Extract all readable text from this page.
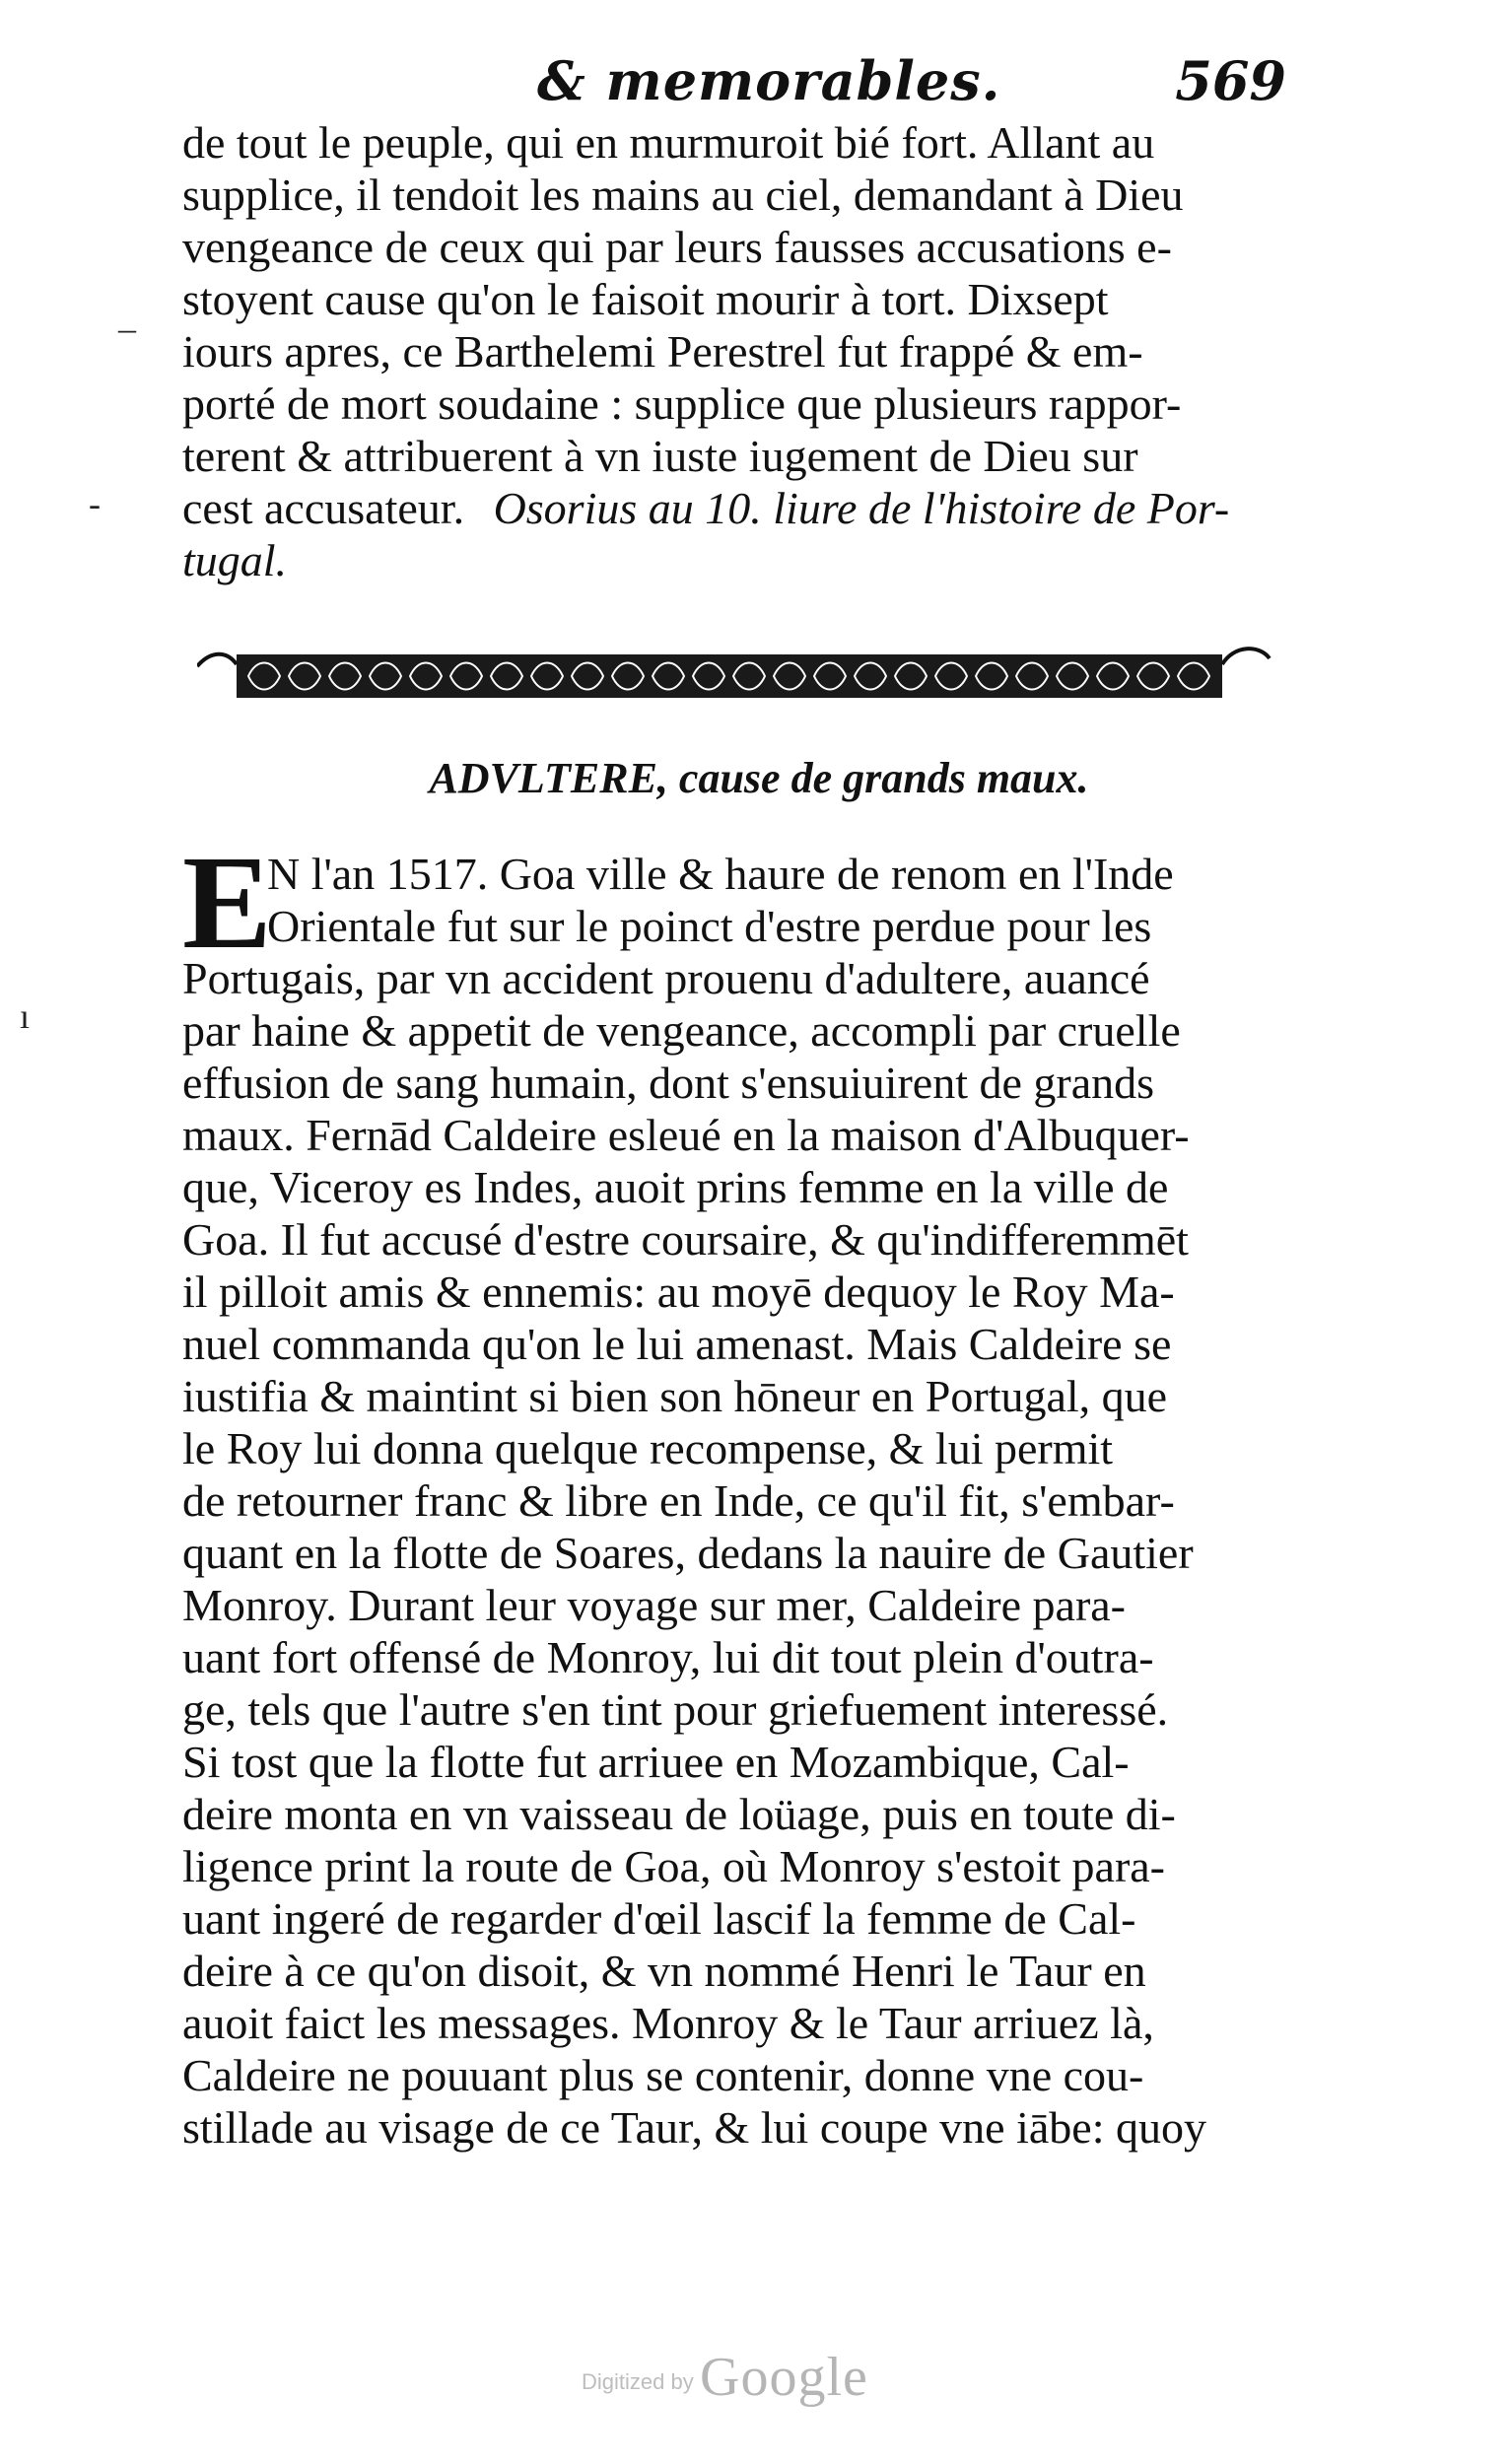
& memorables.	569
de tout le peuple, qui en murmuroit bié fort. Allant au
supplice, il tendoit les mains au ciel, demandant à Dieu
vengeance de ceux qui par leurs fausses accusations e-
stoyent cause qu'on le faisoit mourir à tort. Dixsept
iours apres, ce Barthelemi Perestrel fut frappé & em-
porté de mort soudaine : supplice que plusieurs rappor-
terent & attribuerent à vn iuste iugement de Dieu sur
cest accusateur. Osorius au 10. liure de l'histoire de Por-
tugal.
ADVLTERE, cause de grands maux.
E
N l'an 1517. Goa ville & haure de renom en l'Inde
Orientale fut sur le poinct d'estre perdue pour les
Portugais, par vn accident prouenu d'adultere, auancé
par haine & appetit de vengeance, accompli par cruelle
effusion de sang humain, dont s'ensuiuirent de grands
maux. Fernād Caldeire esleué en la maison d'Albuquer-
que, Viceroy es Indes, auoit prins femme en la ville de
Goa. Il fut accusé d'estre coursaire, & qu'indifferemmēt
il pilloit amis & ennemis: au moyē dequoy le Roy Ma-
nuel commanda qu'on le lui amenast. Mais Caldeire se
iustifia & maintint si bien son hōneur en Portugal, que
le Roy lui donna quelque recompense, & lui permit
de retourner franc & libre en Inde, ce qu'il fit, s'embar-
quant en la flotte de Soares, dedans la nauire de Gautier
Monroy. Durant leur voyage sur mer, Caldeire para-
uant fort offensé de Monroy, lui dit tout plein d'outra-
ge, tels que l'autre s'en tint pour griefuement interessé.
Si tost que la flotte fut arriuee en Mozambique, Cal-
deire monta en vn vaisseau de loüage, puis en toute di-
ligence print la route de Goa, où Monroy s'estoit para-
uant ingeré de regarder d'œil lascif la femme de Cal-
deire à ce qu'on disoit, & vn nommé Henri le Taur en
auoit faict les messages. Monroy & le Taur arriuez là,
Caldeire ne pouuant plus se contenir, donne vne cou-
stillade au visage de ce Taur, & lui coupe vne iābe: quoy
–
-
ı
Digitized by Google
